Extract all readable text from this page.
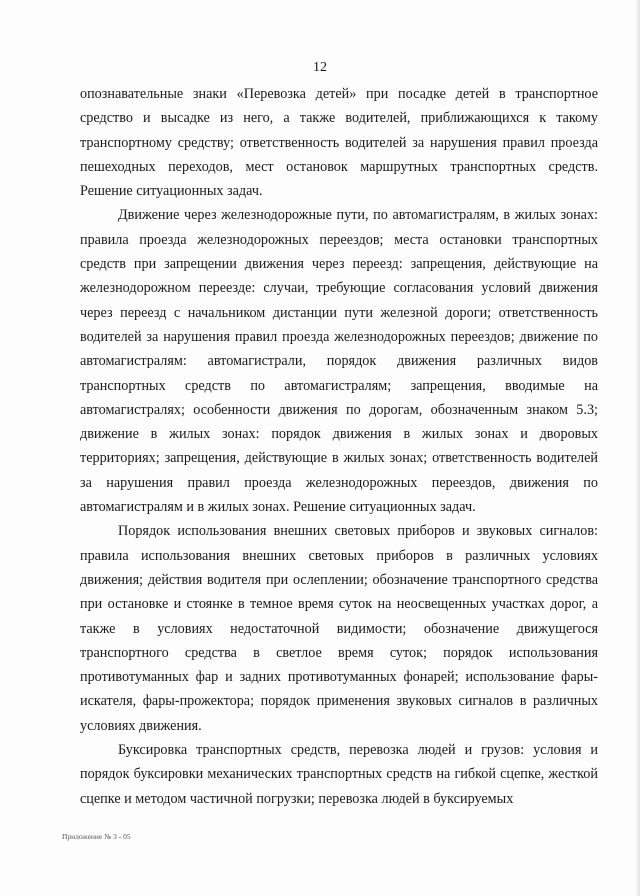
12

опознавательные знаки «Перевозка детей» при посадке детей в транспортное средство и высадке из него, а также водителей, приближающихся к такому транспортному средству; ответственность водителей за нарушения правил проезда пешеходных переходов, мест остановок маршрутных транспортных средств. Решение ситуационных задач.

Движение через железнодорожные пути, по автомагистралям, в жилых зонах: правила проезда железнодорожных переездов; места остановки транспортных средств при запрещении движения через переезд: запрещения, действующие на железнодорожном переезде: случаи, требующие согласования условий движения через переезд с начальником дистанции пути железной дороги; ответственность водителей за нарушения правил проезда железнодорожных переездов; движение по автомагистралям: автомагистрали, порядок движения различных видов транспортных средств по автомагистралям; запрещения, вводимые на автомагистралях; особенности движения по дорогам, обозначенным знаком 5.3; движение в жилых зонах: порядок движения в жилых зонах и дворовых территориях; запрещения, действующие в жилых зонах; ответственность водителей за нарушения правил проезда железнодорожных переездов, движения по автомагистралям и в жилых зонах. Решение ситуационных задач.

Порядок использования внешних световых приборов и звуковых сигналов: правила использования внешних световых приборов в различных условиях движения; действия водителя при ослеплении; обозначение транспортного средства при остановке и стоянке в темное время суток на неосвещенных участках дорог, а также в условиях недостаточной видимости; обозначение движущегося транспортного средства в светлое время суток; порядок использования противотуманных фар и задних противотуманных фонарей; использование фары-искателя, фары-прожектора; порядок применения звуковых сигналов в различных условиях движения.

Буксировка транспортных средств, перевозка людей и грузов: условия и порядок буксировки механических транспортных средств на гибкой сцепке, жесткой сцепке и методом частичной погрузки; перевозка людей в буксируемых

Приложение № 3 - 05
